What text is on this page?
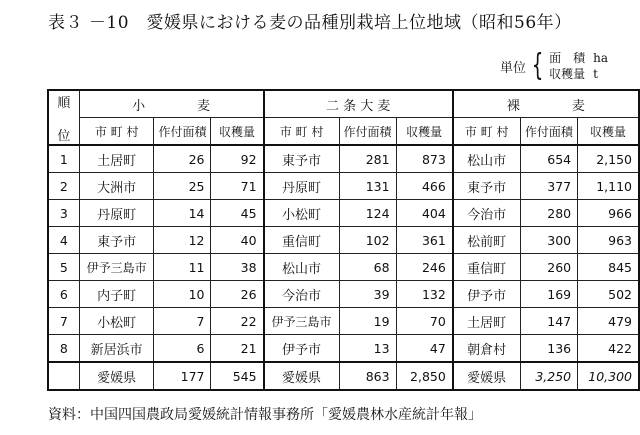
表３ －10　愛媛県における麦の品種別栽培上位地域（昭和56年）
単位 { 面　積 ha
収穫量 t
順
位	小　　　　麦			二 条 大 麦			裸　　　　麦		
	市 町 村	作付面積	収穫量	市 町 村	作付面積	収穫量	市 町 村	作付面積	収穫量
1	土居町	26	92	東予市	281	873	松山市	654	2,150
2	大洲市	25	71	丹原町	131	466	東予市	377	1,110
3	丹原町	14	45	小松町	124	404	今治市	280	966
4	東予市	12	40	重信町	102	361	松前町	300	963
5	伊予三島市	11	38	松山市	68	246	重信町	260	845
6	内子町	10	26	今治市	39	132	伊予市	169	502
7	小松町	7	22	伊予三島市	19	70	土居町	147	479
8	新居浜市	6	21	伊予市	13	47	朝倉村	136	422
	愛媛県	177	545	愛媛県	863	2,850	愛媛県	3,250	10,300
資料：中国四国農政局愛媛統計情報事務所「愛媛農林水産統計年報」
